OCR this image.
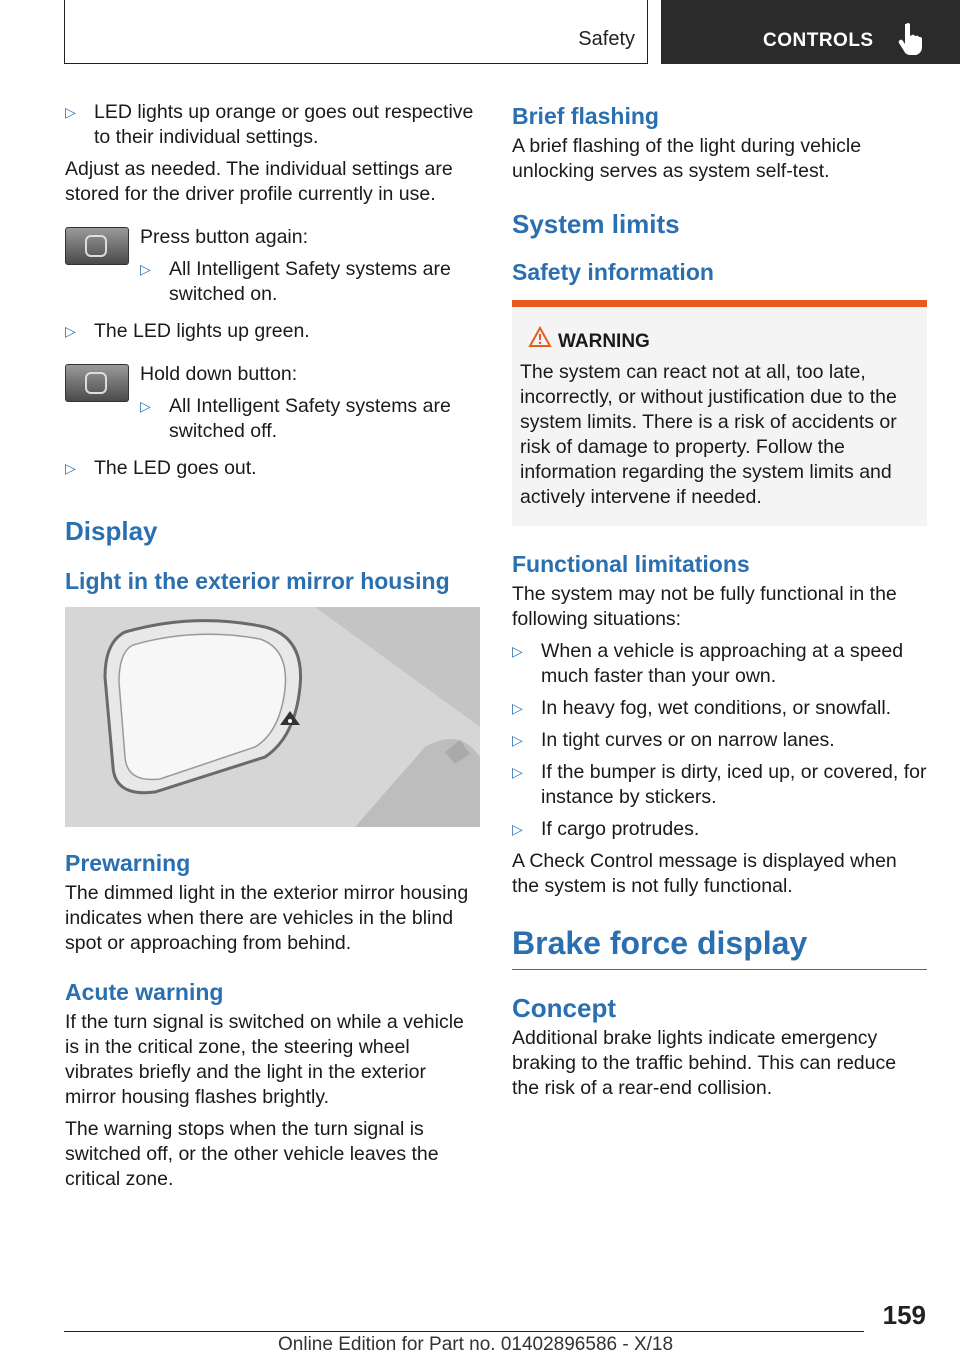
Safety	CONTROLS
▷ LED lights up orange or goes out respective to their individual settings.

Adjust as needed. The individual settings are stored for the driver profile currently in use.

Press button again:
▷ All Intelligent Safety systems are switched on.
▷ The LED lights up green.
Hold down button:
▷ All Intelligent Safety systems are switched off.
▷ The LED goes out.
Display
Light in the exterior mirror housing
Prewarning

The dimmed light in the exterior mirror housing indicates when there are vehicles in the blind spot or approaching from behind.

Acute warning

If the turn signal is switched on while a vehicle is in the critical zone, the steering wheel vibrates briefly and the light in the exterior mirror housing flashes brightly.

The warning stops when the turn signal is switched off, or the other vehicle leaves the critical zone.

Brief flashing

A brief flashing of the light during vehicle unlocking serves as system self-test.

System limits
Safety information
WARNING
The system can react not at all, too late, incorrectly, or without justification due to the system limits. There is a risk of accidents or risk of damage to property. Follow the information regarding the system limits and actively intervene if needed.
Functional limitations

The system may not be fully functional in the following situations:

▷ When a vehicle is approaching at a speed much faster than your own.
▷ In heavy fog, wet conditions, or snowfall.
▷ In tight curves or on narrow lanes.
▷ If the bumper is dirty, iced up, or covered, for instance by stickers.
▷ If cargo protrudes.

A Check Control message is displayed when the system is not fully functional.

Brake force display
Concept

Additional brake lights indicate emergency braking to the traffic behind. This can reduce the risk of a rear-end collision.

159
Online Edition for Part no. 01402896586 - X/18
